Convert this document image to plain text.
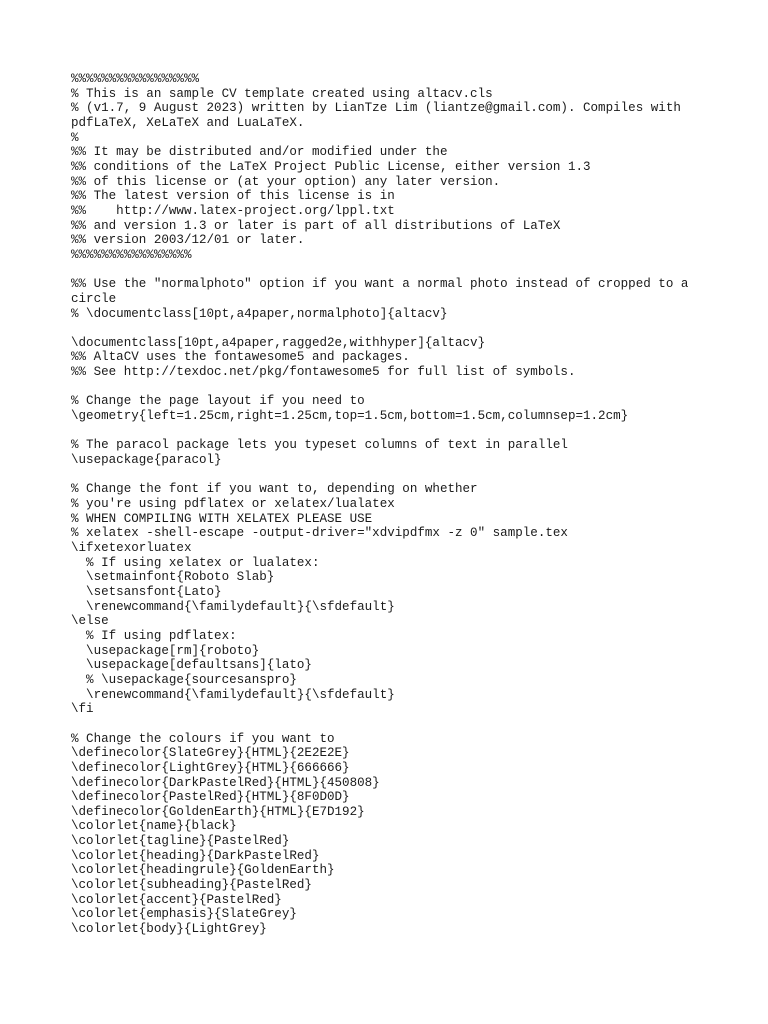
%%%%%%%%%%%%%%%%%
% This is an sample CV template created using altacv.cls
% (v1.7, 9 August 2023) written by LianTze Lim (liantze@gmail.com). Compiles with
pdfLaTeX, XeLaTeX and LuaLaTeX.
%
%% It may be distributed and/or modified under the
%% conditions of the LaTeX Project Public License, either version 1.3
%% of this license or (at your option) any later version.
%% The latest version of this license is in
%%    http://www.latex-project.org/lppl.txt
%% and version 1.3 or later is part of all distributions of LaTeX
%% version 2003/12/01 or later.
%%%%%%%%%%%%%%%%
%% Use the "normalphoto" option if you want a normal photo instead of cropped to a
circle
% \documentclass[10pt,a4paper,normalphoto]{altacv}
\documentclass[10pt,a4paper,ragged2e,withhyper]{altacv}
%% AltaCV uses the fontawesome5 and packages.
%% See http://texdoc.net/pkg/fontawesome5 for full list of symbols.
% Change the page layout if you need to
\geometry{left=1.25cm,right=1.25cm,top=1.5cm,bottom=1.5cm,columnsep=1.2cm}
% The paracol package lets you typeset columns of text in parallel
\usepackage{paracol}
% Change the font if you want to, depending on whether
% you're using pdflatex or xelatex/lualatex
% WHEN COMPILING WITH XELATEX PLEASE USE
% xelatex -shell-escape -output-driver="xdvipdfmx -z 0" sample.tex
\ifxetexorluatex
% If using xelatex or lualatex:
\setmainfont{Roboto Slab}
\setsansfont{Lato}
\renewcommand{\familydefault}{\sfdefault}
\else
% If using pdflatex:
\usepackage[rm]{roboto}
\usepackage[defaultsans]{lato}
% \usepackage{sourcesanspro}
\renewcommand{\familydefault}{\sfdefault}
\fi
% Change the colours if you want to
\definecolor{SlateGrey}{HTML}{2E2E2E}
\definecolor{LightGrey}{HTML}{666666}
\definecolor{DarkPastelRed}{HTML}{450808}
\definecolor{PastelRed}{HTML}{8F0D0D}
\definecolor{GoldenEarth}{HTML}{E7D192}
\colorlet{name}{black}
\colorlet{tagline}{PastelRed}
\colorlet{heading}{DarkPastelRed}
\colorlet{headingrule}{GoldenEarth}
\colorlet{subheading}{PastelRed}
\colorlet{accent}{PastelRed}
\colorlet{emphasis}{SlateGrey}
\colorlet{body}{LightGrey}
